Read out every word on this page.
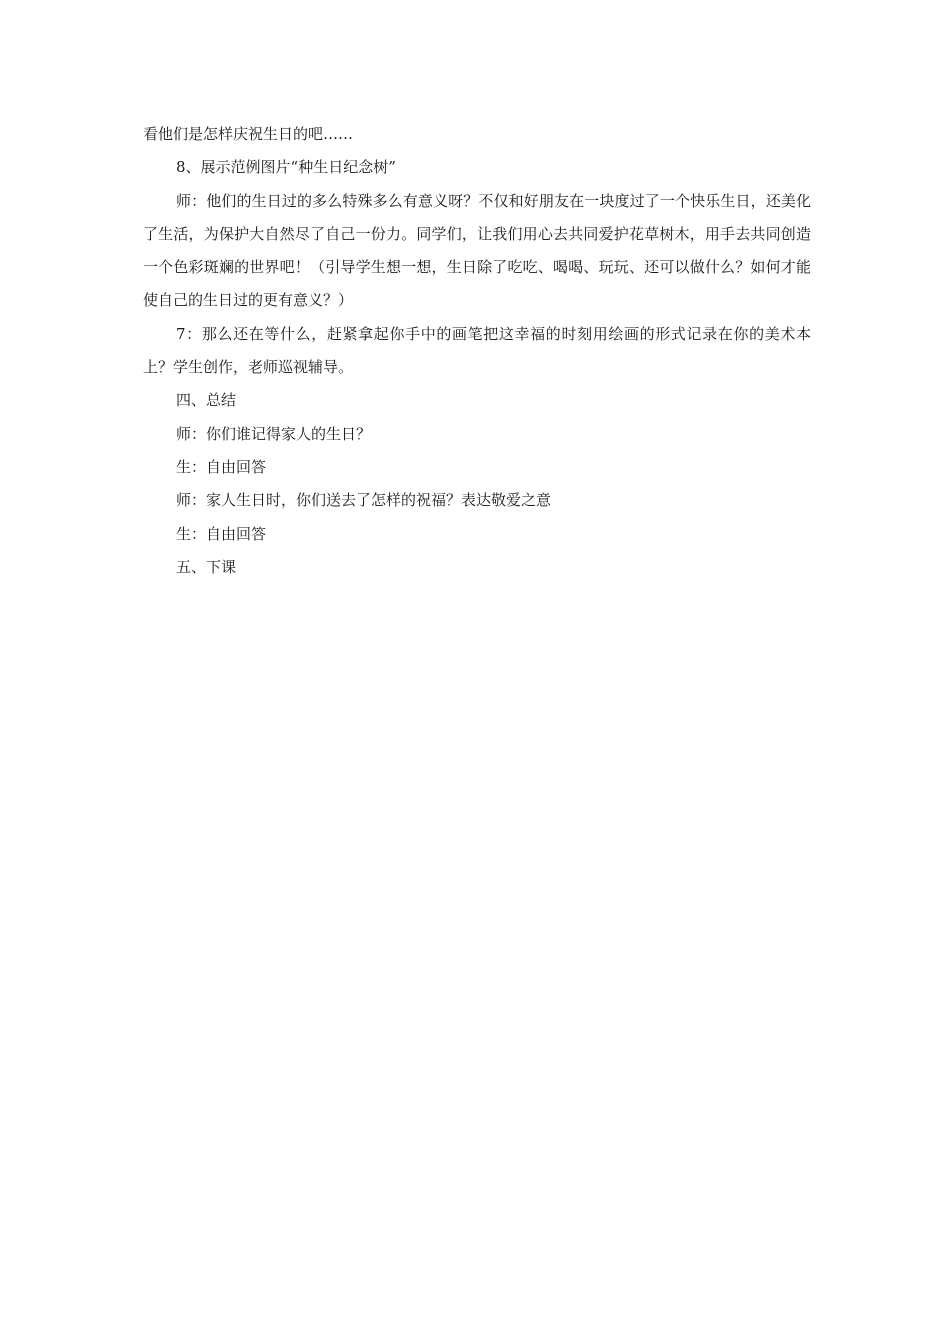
看他们是怎样庆祝生日的吧……

8、展示范例图片“种生日纪念树”

师：他们的生日过的多么特殊多么有意义呀？不仅和好朋友在一块度过了一个快乐生日，还美化了生活，为保护大自然尽了自己一份力。同学们，让我们用心去共同爱护花草树木，用手去共同创造一个色彩斑斓的世界吧！（引导学生想一想，生日除了吃吃、喝喝、玩玩、还可以做什么？如何才能使自己的生日过的更有意义？）

7：那么还在等什么，赶紧拿起你手中的画笔把这幸福的时刻用绘画的形式记录在你的美术本上？学生创作，老师巡视辅导。

四、总结

师：你们谁记得家人的生日？

生：自由回答

师：家人生日时，你们送去了怎样的祝福？表达敬爱之意

生：自由回答

五、下课
